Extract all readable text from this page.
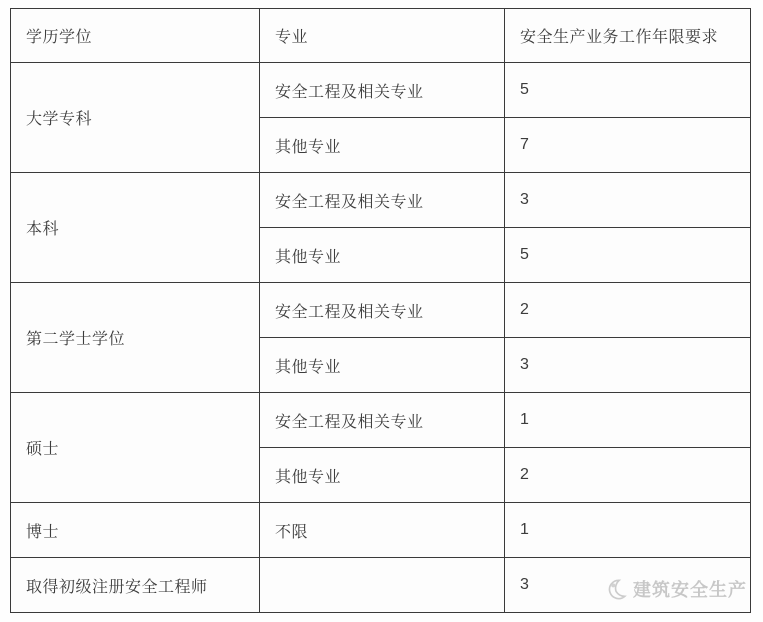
学历学位	专业	安全生产业务工作年限要求
大学专科	安全工程及相关专业	5
	其他专业	7
本科	安全工程及相关专业	3
	其他专业	5
第二学士学位	安全工程及相关专业	2
	其他专业	3
硕士	安全工程及相关专业	1
	其他专业	2
博士	不限	1
取得初级注册安全工程师		3	建筑安全生产
